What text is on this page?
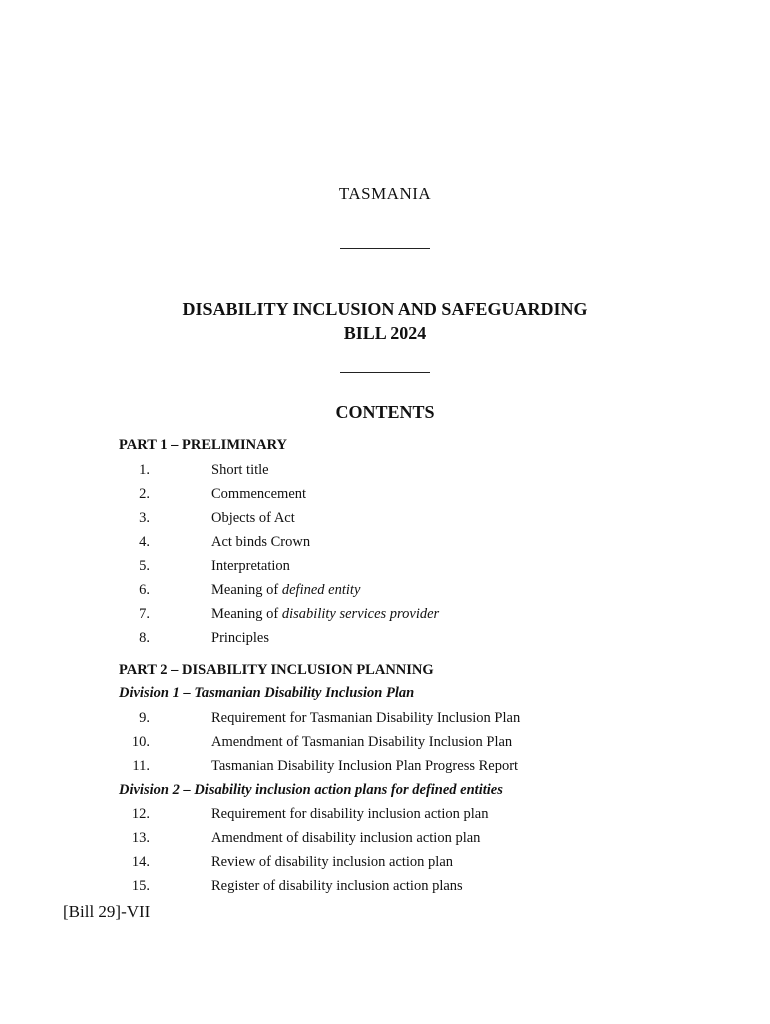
TASMANIA
DISABILITY INCLUSION AND SAFEGUARDING
BILL 2024
CONTENTS
PART 1 – PRELIMINARY
1.	Short title
2.	Commencement
3.	Objects of Act
4.	Act binds Crown
5.	Interpretation
6.	Meaning of defined entity
7.	Meaning of disability services provider
8.	Principles
PART 2 – DISABILITY INCLUSION PLANNING
Division 1 – Tasmanian Disability Inclusion Plan
9.	Requirement for Tasmanian Disability Inclusion Plan
10.	Amendment of Tasmanian Disability Inclusion Plan
11.	Tasmanian Disability Inclusion Plan Progress Report
Division 2 – Disability inclusion action plans for defined entities
12.	Requirement for disability inclusion action plan
13.	Amendment of disability inclusion action plan
14.	Review of disability inclusion action plan
15.	Register of disability inclusion action plans
[Bill 29]-VII
